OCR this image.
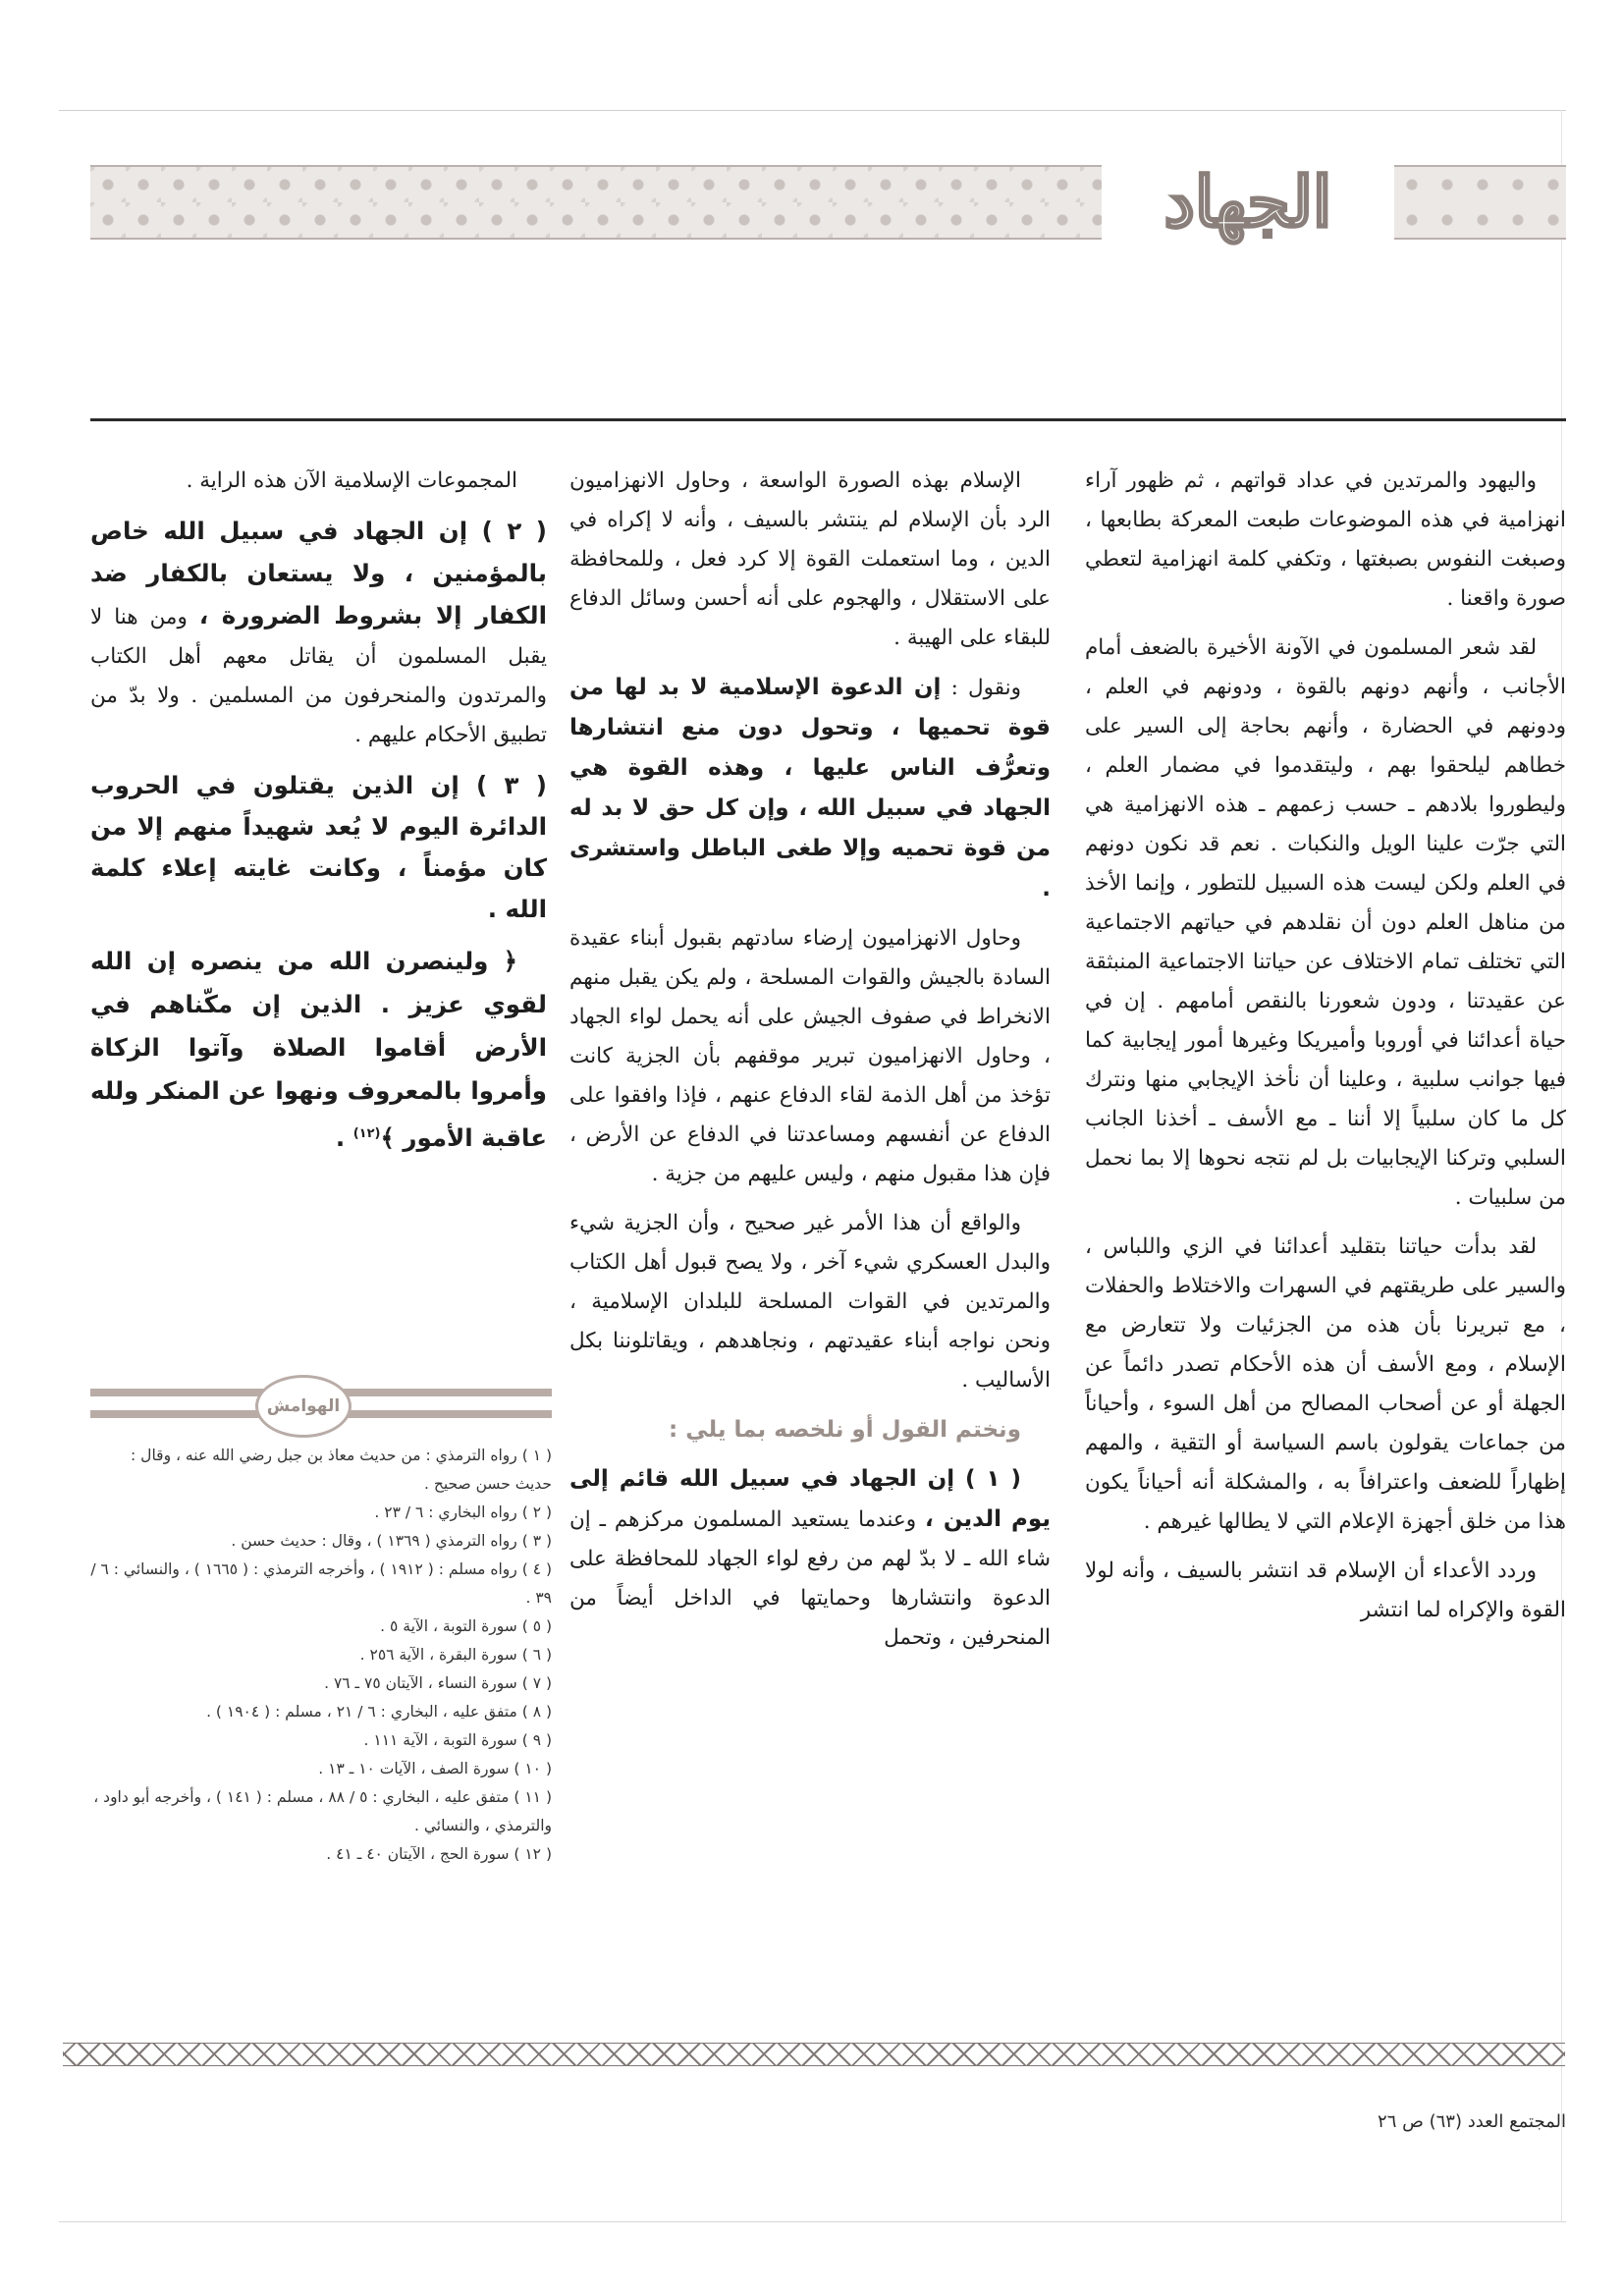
الجهاد

واليهود والمرتدين في عداد قواتهم ، ثم ظهور آراء انهزامية في هذه الموضوعات طبعت المعركة بطابعها ، وصبغت النفوس بصبغتها ، وتكفي كلمة انهزامية لتعطي صورة واقعنا .

لقد شعر المسلمون في الآونة الأخيرة بالضعف أمام الأجانب ، وأنهم دونهم بالقوة ، ودونهم في العلم ، ودونهم في الحضارة ، وأنهم بحاجة إلى السير على خطاهم ليلحقوا بهم ، وليتقدموا في مضمار العلم ، وليطوروا بلادهم ـ حسب زعمهم ـ هذه الانهزامية هي التي جرّت علينا الويل والنكبات . نعم قد نكون دونهم في العلم ولكن ليست هذه السبيل للتطور ، وإنما الأخذ من مناهل العلم دون أن نقلدهم في حياتهم الاجتماعية التي تختلف تمام الاختلاف عن حياتنا الاجتماعية المنبثقة عن عقيدتنا ، ودون شعورنا بالنقص أمامهم . إن في حياة أعدائنا في أوروبا وأميريكا وغيرها أمور إيجابية كما فيها جوانب سلبية ، وعلينا أن نأخذ الإيجابي منها ونترك كل ما كان سلبياً إلا أننا ـ مع الأسف ـ أخذنا الجانب السلبي وتركنا الإيجابيات بل لم نتجه نحوها إلا بما نحمل من سلبيات .

لقد بدأت حياتنا بتقليد أعدائنا في الزي واللباس ، والسير على طريقتهم في السهرات والاختلاط والحفلات ، مع تبريرنا بأن هذه من الجزئيات ولا تتعارض مع الإسلام ، ومع الأسف أن هذه الأحكام تصدر دائماً عن الجهلة أو عن أصحاب المصالح من أهل السوء ، وأحياناً من جماعات يقولون باسم السياسة أو التقية ، والمهم إظهاراً للضعف واعترافاً به ، والمشكلة أنه أحياناً يكون هذا من خلق أجهزة الإعلام التي لا يطالها غيرهم .

وردد الأعداء أن الإسلام قد انتشر بالسيف ، وأنه لولا القوة والإكراه لما انتشر

الإسلام بهذه الصورة الواسعة ، وحاول الانهزاميون الرد بأن الإسلام لم ينتشر بالسيف ، وأنه لا إكراه في الدين ، وما استعملت القوة إلا كرد فعل ، وللمحافظة على الاستقلال ، والهجوم على أنه أحسن وسائل الدفاع للبقاء على الهيبة .

ونقول : إن الدعوة الإسلامية لا بد لها من قوة تحميها ، وتحول دون منع انتشارها وتعرُّف الناس عليها ، وهذه القوة هي الجهاد في سبيل الله ، وإن كل حق لا بد له من قوة تحميه وإلا طغى الباطل واستشرى .

وحاول الانهزاميون إرضاء سادتهم بقبول أبناء عقيدة السادة بالجيش والقوات المسلحة ، ولم يكن يقبل منهم الانخراط في صفوف الجيش على أنه يحمل لواء الجهاد ، وحاول الانهزاميون تبرير موقفهم بأن الجزية كانت تؤخذ من أهل الذمة لقاء الدفاع عنهم ، فإذا وافقوا على الدفاع عن أنفسهم ومساعدتنا في الدفاع عن الأرض ، فإن هذا مقبول منهم ، وليس عليهم من جزية .

والواقع أن هذا الأمر غير صحيح ، وأن الجزية شيء والبدل العسكري شيء آخر ، ولا يصح قبول أهل الكتاب والمرتدين في القوات المسلحة للبلدان الإسلامية ، ونحن نواجه أبناء عقيدتهم ، ونجاهدهم ، ويقاتلوننا بكل الأساليب .

ونختم القول أو نلخصه بما يلي :

( ١ ) إن الجهاد في سبيل الله قائم إلى يوم الدين ، وعندما يستعيد المسلمون مركزهم ـ إن شاء الله ـ لا بدّ لهم من رفع لواء الجهاد للمحافظة على الدعوة وانتشارها وحمايتها في الداخل أيضاً من المنحرفين ، وتحمل

المجموعات الإسلامية الآن هذه الراية .

( ٢ ) إن الجهاد في سبيل الله خاص بالمؤمنين ، ولا يستعان بالكفار ضد الكفار إلا بشروط الضرورة ، ومن هنا لا يقبل المسلمون أن يقاتل معهم أهل الكتاب والمرتدون والمنحرفون من المسلمين . ولا بدّ من تطبيق الأحكام عليهم .

( ٣ ) إن الذين يقتلون في الحروب الدائرة اليوم لا يُعد شهيداً منهم إلا من كان مؤمناً ، وكانت غايته إعلاء كلمة الله .

﴿ ولينصرن الله من ينصره إن الله لقوي عزيز . الذين إن مكّناهم في الأرض أقاموا الصلاة وآتوا الزكاة وأمروا بالمعروف ونهوا عن المنكر ولله عاقبة الأمور ﴾$^{(١٢)}$ .

الهوامش
( ١ ) رواه الترمذي : من حديث معاذ بن جبل رضي الله عنه ، وقال : حديث حسن صحيح .
( ٢ ) رواه البخاري : ٦ / ٢٣ .
( ٣ ) رواه الترمذي ( ١٣٦٩ ) ، وقال : حديث حسن .
( ٤ ) رواه مسلم : ( ١٩١٢ ) ، وأخرجه الترمذي : ( ١٦٦٥ ) ، والنسائي : ٦ / ٣٩ .
( ٥ ) سورة التوبة ، الآية ٥ .
( ٦ ) سورة البقرة ، الآية ٢٥٦ .
( ٧ ) سورة النساء ، الآيتان ٧٥ ـ ٧٦ .
( ٨ ) متفق عليه ، البخاري : ٦ / ٢١ ، مسلم : ( ١٩٠٤ ) .
( ٩ ) سورة التوبة ، الآية ١١١ .
( ١٠ ) سورة الصف ، الآيات ١٠ ـ ١٣ .
( ١١ ) متفق عليه ، البخاري : ٥ / ٨٨ ، مسلم : ( ١٤١ ) ، وأخرجه أبو داود ، والترمذي ، والنسائي .
( ١٢ ) سورة الحج ، الآيتان ٤٠ ـ ٤١ .
المجتمع العدد (٦٣) ص ٢٦
